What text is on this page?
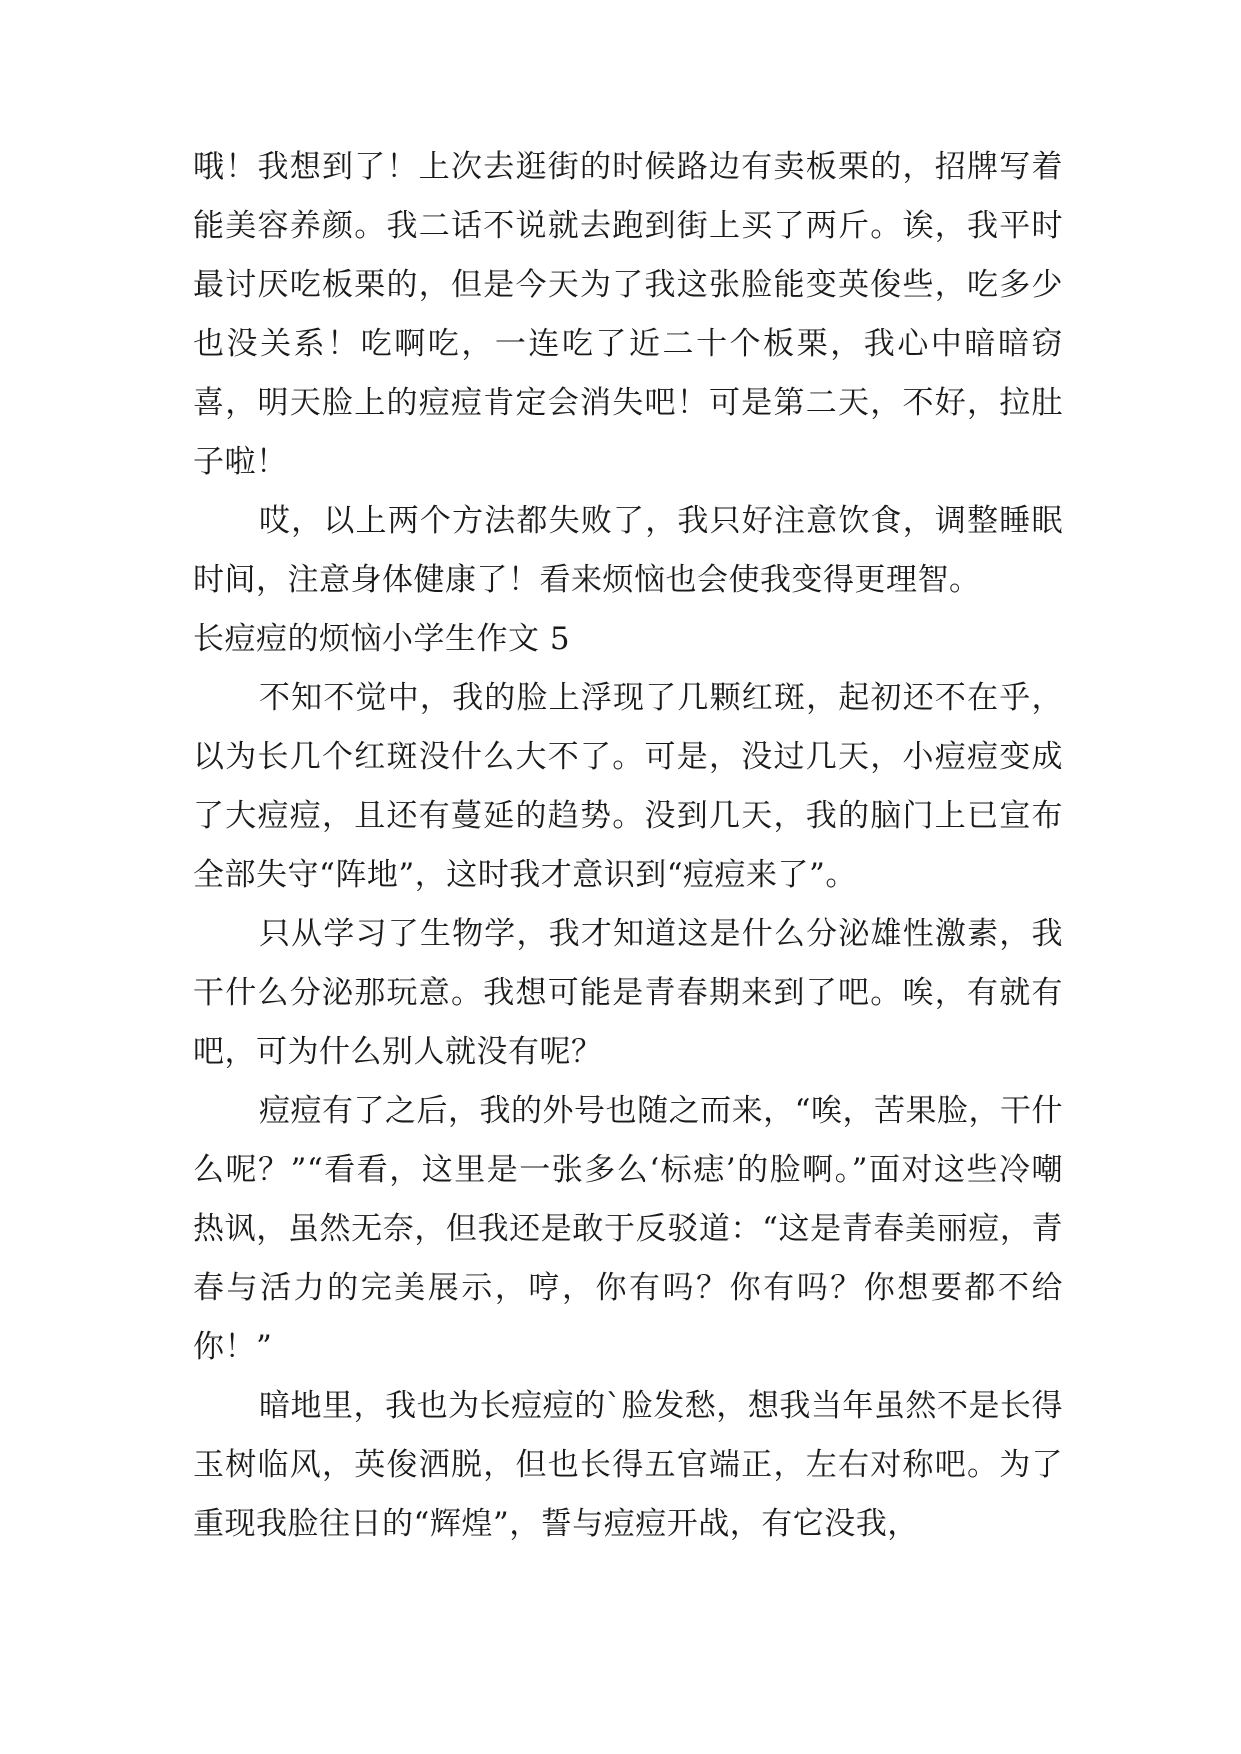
哦！我想到了！上次去逛街的时候路边有卖板栗的，招牌写着能美容养颜。我二话不说就去跑到街上买了两斤。诶，我平时最讨厌吃板栗的，但是今天为了我这张脸能变英俊些，吃多少也没关系！吃啊吃，一连吃了近二十个板栗，我心中暗暗窃喜，明天脸上的痘痘肯定会消失吧！可是第二天，不好，拉肚子啦！

哎，以上两个方法都失败了，我只好注意饮食，调整睡眠时间，注意身体健康了！看来烦恼也会使我变得更理智。

长痘痘的烦恼小学生作文 5

不知不觉中，我的脸上浮现了几颗红斑，起初还不在乎，以为长几个红斑没什么大不了。可是，没过几天，小痘痘变成了大痘痘，且还有蔓延的趋势。没到几天，我的脑门上已宣布全部失守“阵地”，这时我才意识到“痘痘来了”。

只从学习了生物学，我才知道这是什么分泌雄性激素，我干什么分泌那玩意。我想可能是青春期来到了吧。唉，有就有吧，可为什么别人就没有呢？

痘痘有了之后，我的外号也随之而来，“唉，苦果脸，干什么呢？”“看看，这里是一张多么‘标痣’的脸啊。”面对这些冷嘲热讽，虽然无奈，但我还是敢于反驳道：“这是青春美丽痘，青春与活力的完美展示，哼，你有吗？你有吗？你想要都不给你！”

暗地里，我也为长痘痘的`脸发愁，想我当年虽然不是长得玉树临风，英俊洒脱，但也长得五官端正，左右对称吧。为了重现我脸往日的“辉煌”，誓与痘痘开战，有它没我，
